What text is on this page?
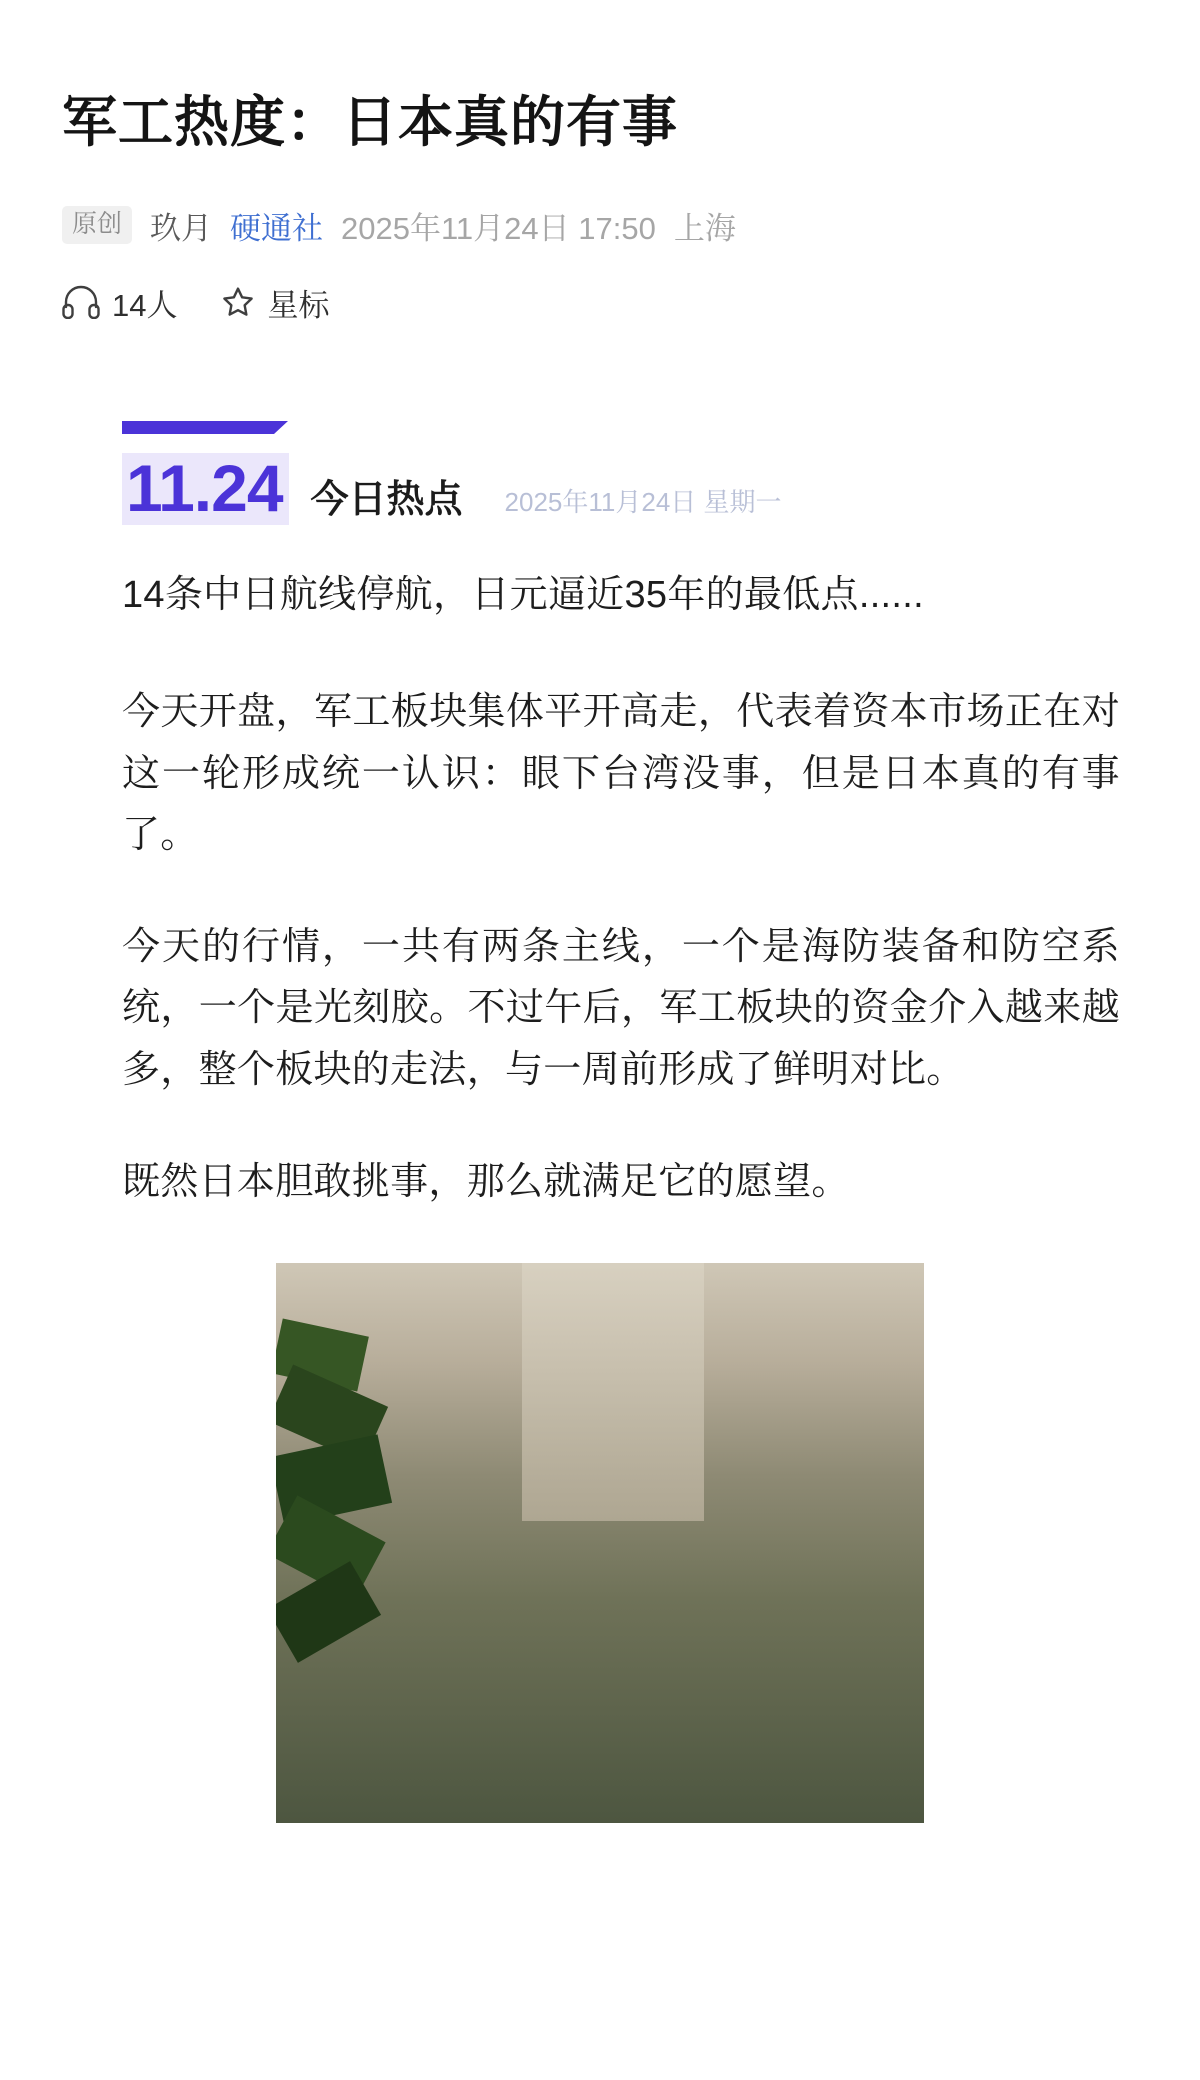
军工热度：日本真的有事
原创 玖月 硬通社 2025年11月24日 17:50 上海
14人	星标
11.24 今日热点	2025年11月24日 星期一

14条中日航线停航，日元逼近35年的最低点......

今天开盘，军工板块集体平开高走，代表着资本市场正在对这一轮形成统一认识：眼下台湾没事，但是日本真的有事了。

今天的行情，一共有两条主线，一个是海防装备和防空系统，一个是光刻胶。不过午后，军工板块的资金介入越来越多，整个板块的走法，与一周前形成了鲜明对比。

既然日本胆敢挑事，那么就满足它的愿望。
